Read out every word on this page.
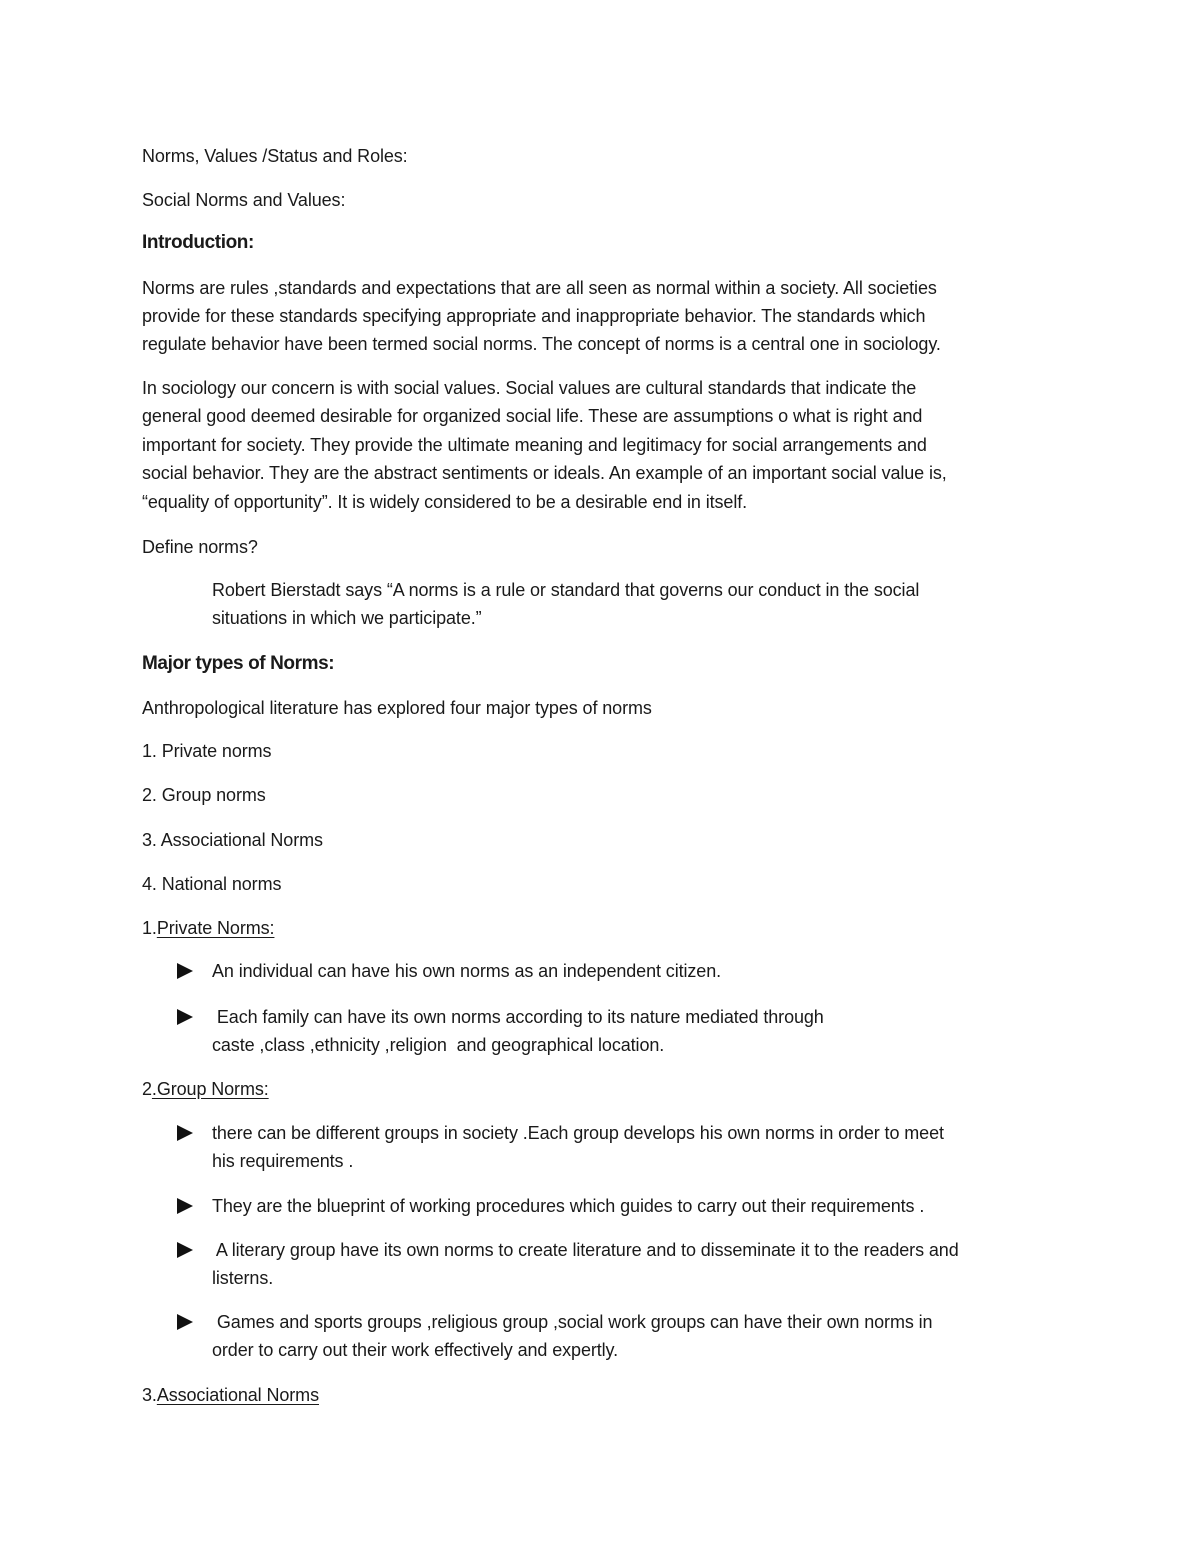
Norms, Values /Status and Roles:
Social Norms and Values:
Introduction:
Norms are rules ,standards and expectations that are all seen as normal within a society. All societies
provide for these standards specifying appropriate and inappropriate behavior. The standards which
regulate behavior have been termed social norms. The concept of norms is a central one in sociology.
In sociology our concern is with social values. Social values are cultural standards that indicate the
general good deemed desirable for organized social life. These are assumptions o what is right and
important for society. They provide the ultimate meaning and legitimacy for social arrangements and
social behavior. They are the abstract sentiments or ideals. An example of an important social value is,
“equality of opportunity”. It is widely considered to be a desirable end in itself.
Define norms?
Robert Bierstadt says “A norms is a rule or standard that governs our conduct in the social
situations in which we participate.”
Major types of Norms:
Anthropological literature has explored four major types of norms
1. Private norms
2. Group norms
3. Associational Norms
4. National norms
1.Private Norms:
An individual can have his own norms as an independent citizen.
Each family can have its own norms according to its nature mediated through
caste ,class ,ethnicity ,religion  and geographical location.
2.Group Norms:
there can be different groups in society .Each group develops his own norms in order to meet
his requirements .
They are the blueprint of working procedures which guides to carry out their requirements .
A literary group have its own norms to create literature and to disseminate it to the readers and
listerns.
Games and sports groups ,religious group ,social work groups can have their own norms in
order to carry out their work effectively and expertly.
3.Associational Norms
